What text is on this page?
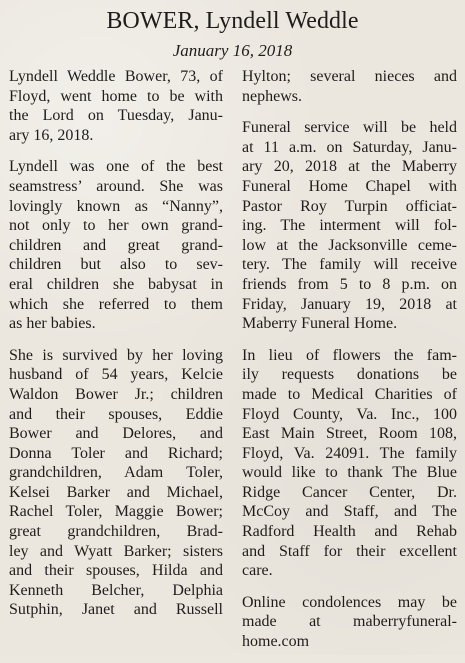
BOWER, Lyndell Weddle
January 16, 2018
Lyndell Weddle Bower, 73, of
Floyd, went home to be with
the Lord on Tuesday, Janu-
ary 16, 2018.
Lyndell was one of the best
seamstress’ around. She was
lovingly known as “Nanny”,
not only to her own grand-
children and great grand-
children but also to sev-
eral children she babysat in
which she referred to them
as her babies.
She is survived by her loving
husband of 54 years, Kelcie
Waldon Bower Jr.; children
and their spouses, Eddie
Bower and Delores, and
Donna Toler and Richard;
grandchildren, Adam Toler,
Kelsei Barker and Michael,
Rachel Toler, Maggie Bower;
great grandchildren, Brad-
ley and Wyatt Barker; sisters
and their spouses, Hilda and
Kenneth Belcher, Delphia
Sutphin, Janet and Russell
Hylton; several nieces and
nephews.
Funeral service will be held
at 11 a.m. on Saturday, Janu-
ary 20, 2018 at the Maberry
Funeral Home Chapel with
Pastor Roy Turpin officiat-
ing. The interment will fol-
low at the Jacksonville ceme-
tery. The family will receive
friends from 5 to 8 p.m. on
Friday, January 19, 2018 at
Maberry Funeral Home.
In lieu of flowers the fam-
ily requests donations be
made to Medical Charities of
Floyd County, Va. Inc., 100
East Main Street, Room 108,
Floyd, Va. 24091. The family
would like to thank The Blue
Ridge Cancer Center, Dr.
McCoy and Staff, and The
Radford Health and Rehab
and Staff for their excellent
care.
Online condolences may be
made at maberryfuneral-
home.com
